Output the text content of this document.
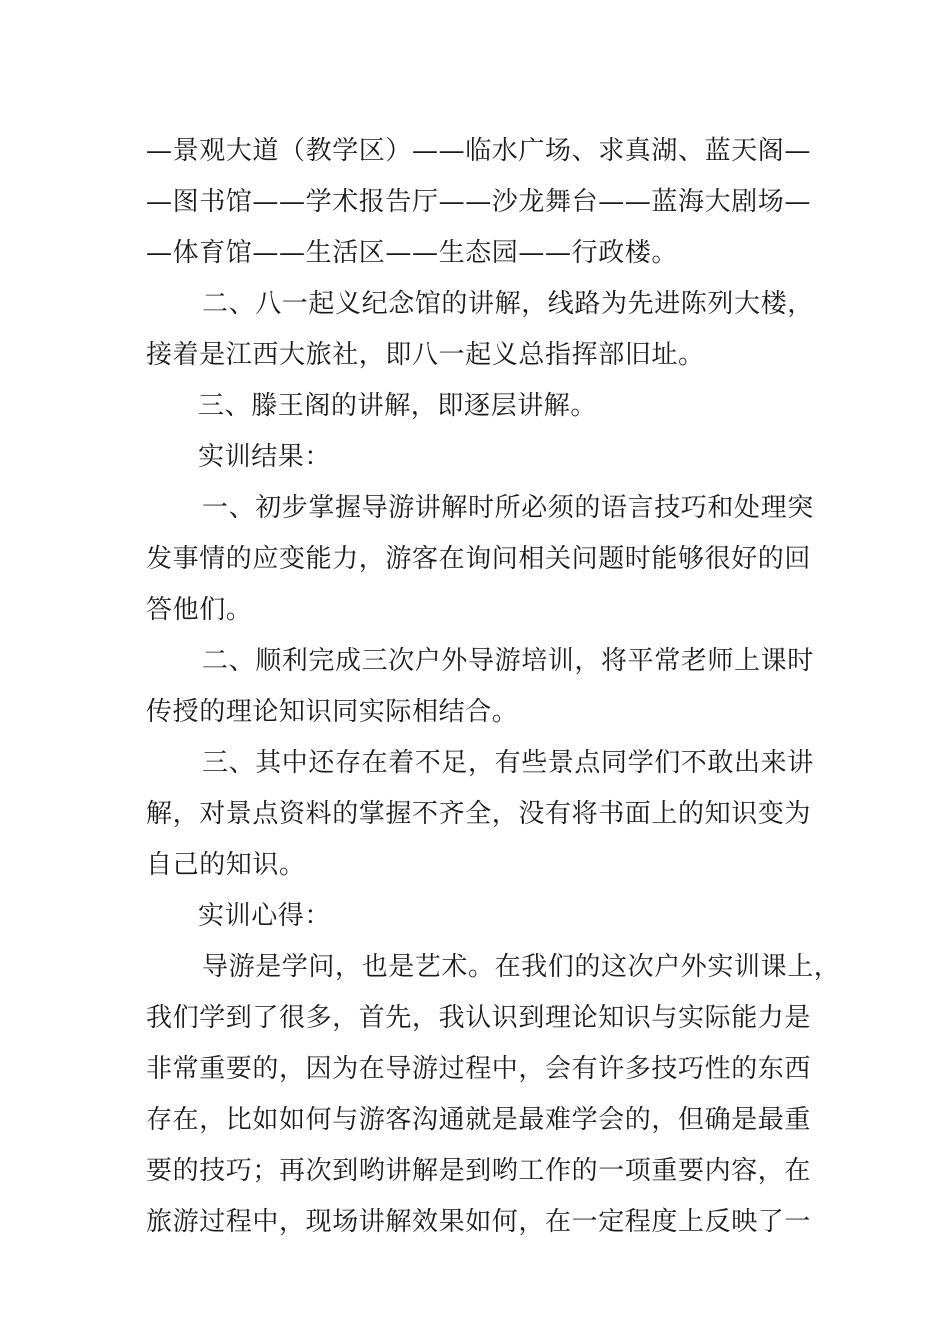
—景观大道（教学区）——临水广场、求真湖、蓝天阁—
—图书馆——学术报告厅——沙龙舞台——蓝海大剧场—
—体育馆——生活区——生态园——行政楼。
二、八一起义纪念馆的讲解，线路为先进陈列大楼，
接着是江西大旅社，即八一起义总指挥部旧址。
三、滕王阁的讲解，即逐层讲解。
实训结果：
一、初步掌握导游讲解时所必须的语言技巧和处理突
发事情的应变能力，游客在询问相关问题时能够很好的回
答他们。
二、顺利完成三次户外导游培训，将平常老师上课时
传授的理论知识同实际相结合。
三、其中还存在着不足，有些景点同学们不敢出来讲
解，对景点资料的掌握不齐全，没有将书面上的知识变为
自己的知识。
实训心得：
导游是学问，也是艺术。在我们的这次户外实训课上，
我们学到了很多，首先，我认识到理论知识与实际能力是
非常重要的，因为在导游过程中，会有许多技巧性的东西
存在，比如如何与游客沟通就是最难学会的，但确是最重
要的技巧；再次到哟讲解是到哟工作的一项重要内容，在
旅游过程中，现场讲解效果如何，在一定程度上反映了一
